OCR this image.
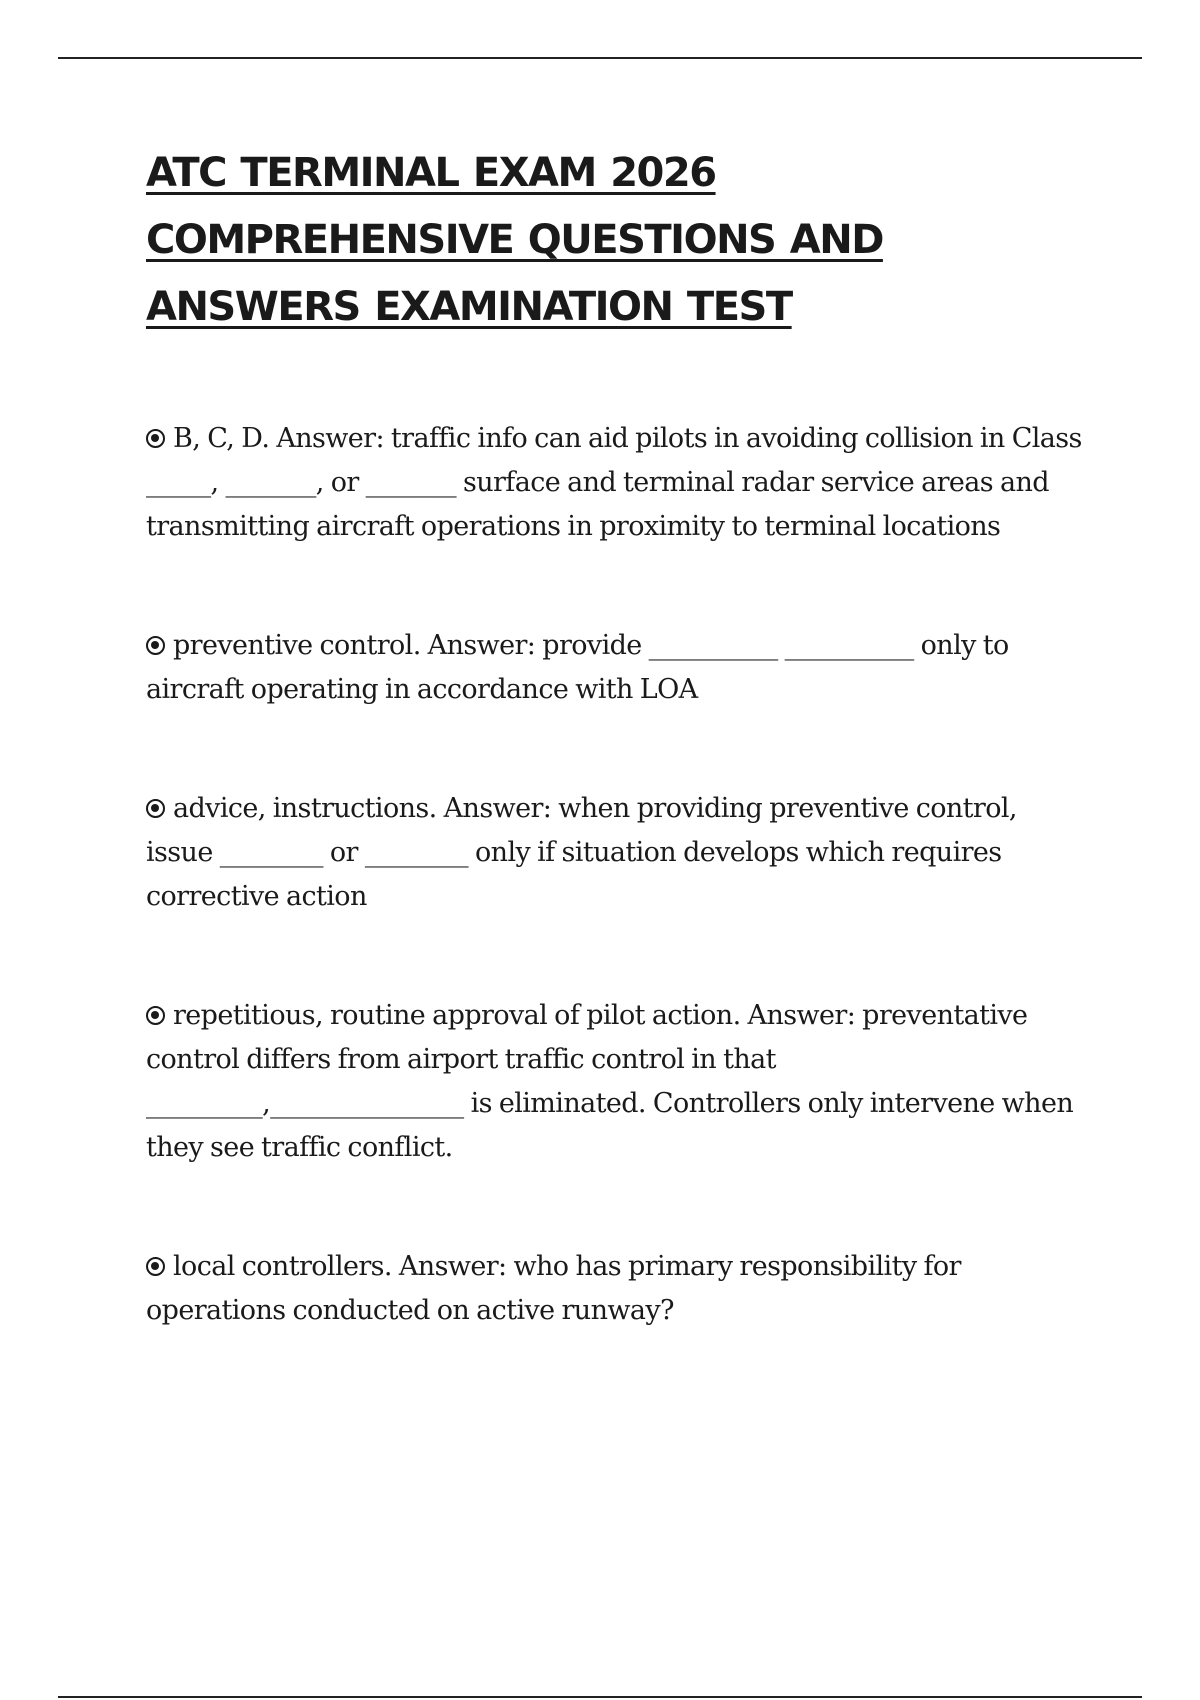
ATC TERMINAL EXAM 2026 COMPREHENSIVE QUESTIONS AND ANSWERS EXAMINATION TEST

B, C, D. Answer: traffic info can aid pilots in avoiding collision in Class _____, _______, or _______ surface and terminal radar service areas and transmitting aircraft operations in proximity to terminal locations

preventive control. Answer: provide __________ __________ only to aircraft operating in accordance with LOA

advice, instructions. Answer: when providing preventive control, issue ________ or ________ only if situation develops which requires corrective action

repetitious, routine approval of pilot action. Answer: preventative control differs from airport traffic control in that _________,_______________ is eliminated. Controllers only intervene when they see traffic conflict.

local controllers. Answer: who has primary responsibility for operations conducted on active runway?
